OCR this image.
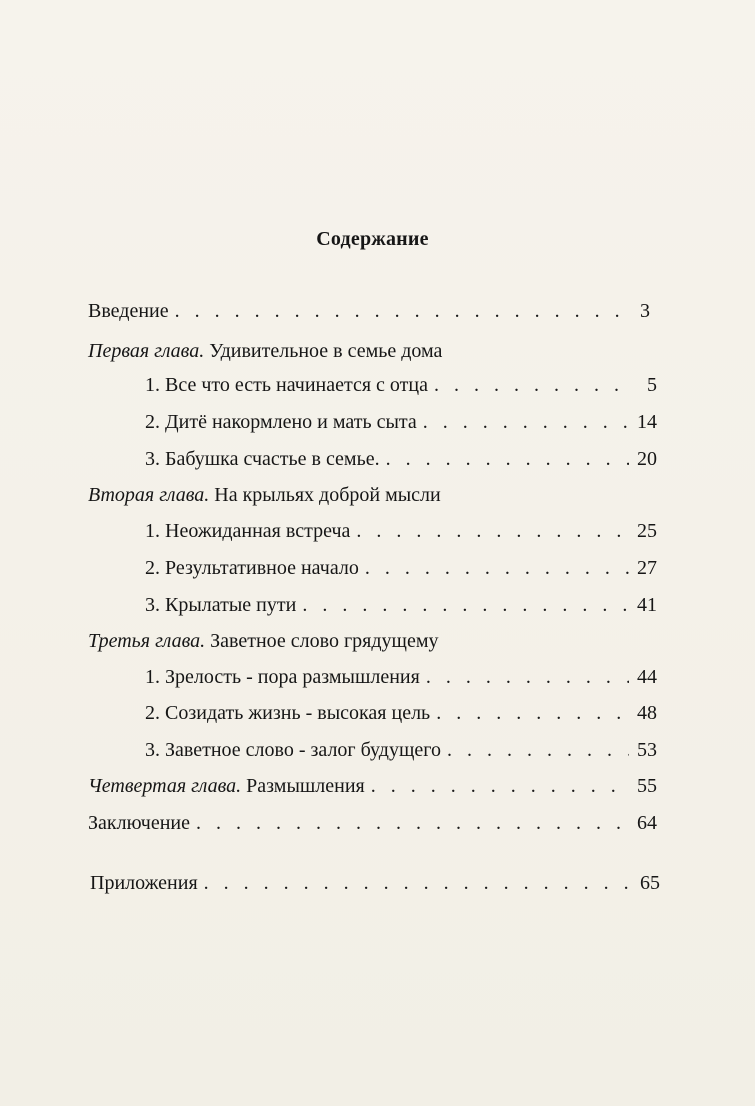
Содержание
Введение . . .	3
Первая глава. Удивительное в семье дома
1. Все что есть начинается с отца . . .	5
2. Дитё накормлено и мать сыта . . .	14
3. Бабушка счастье в семье. . . .	20
Вторая глава. На крыльях доброй мысли
1. Неожиданная встреча . . .	25
2. Результативное начало . . .	27
3. Крылатые пути . . .	41
Третья глава. Заветное слово грядущему
1. Зрелость - пора размышления . . .	44
2. Созидать жизнь - высокая цель . . .	48
3. Заветное слово - залог будущего . . .	53
Четвертая глава. Размышления . . .	55
Заключение . . .	64
Приложения . . .	65
